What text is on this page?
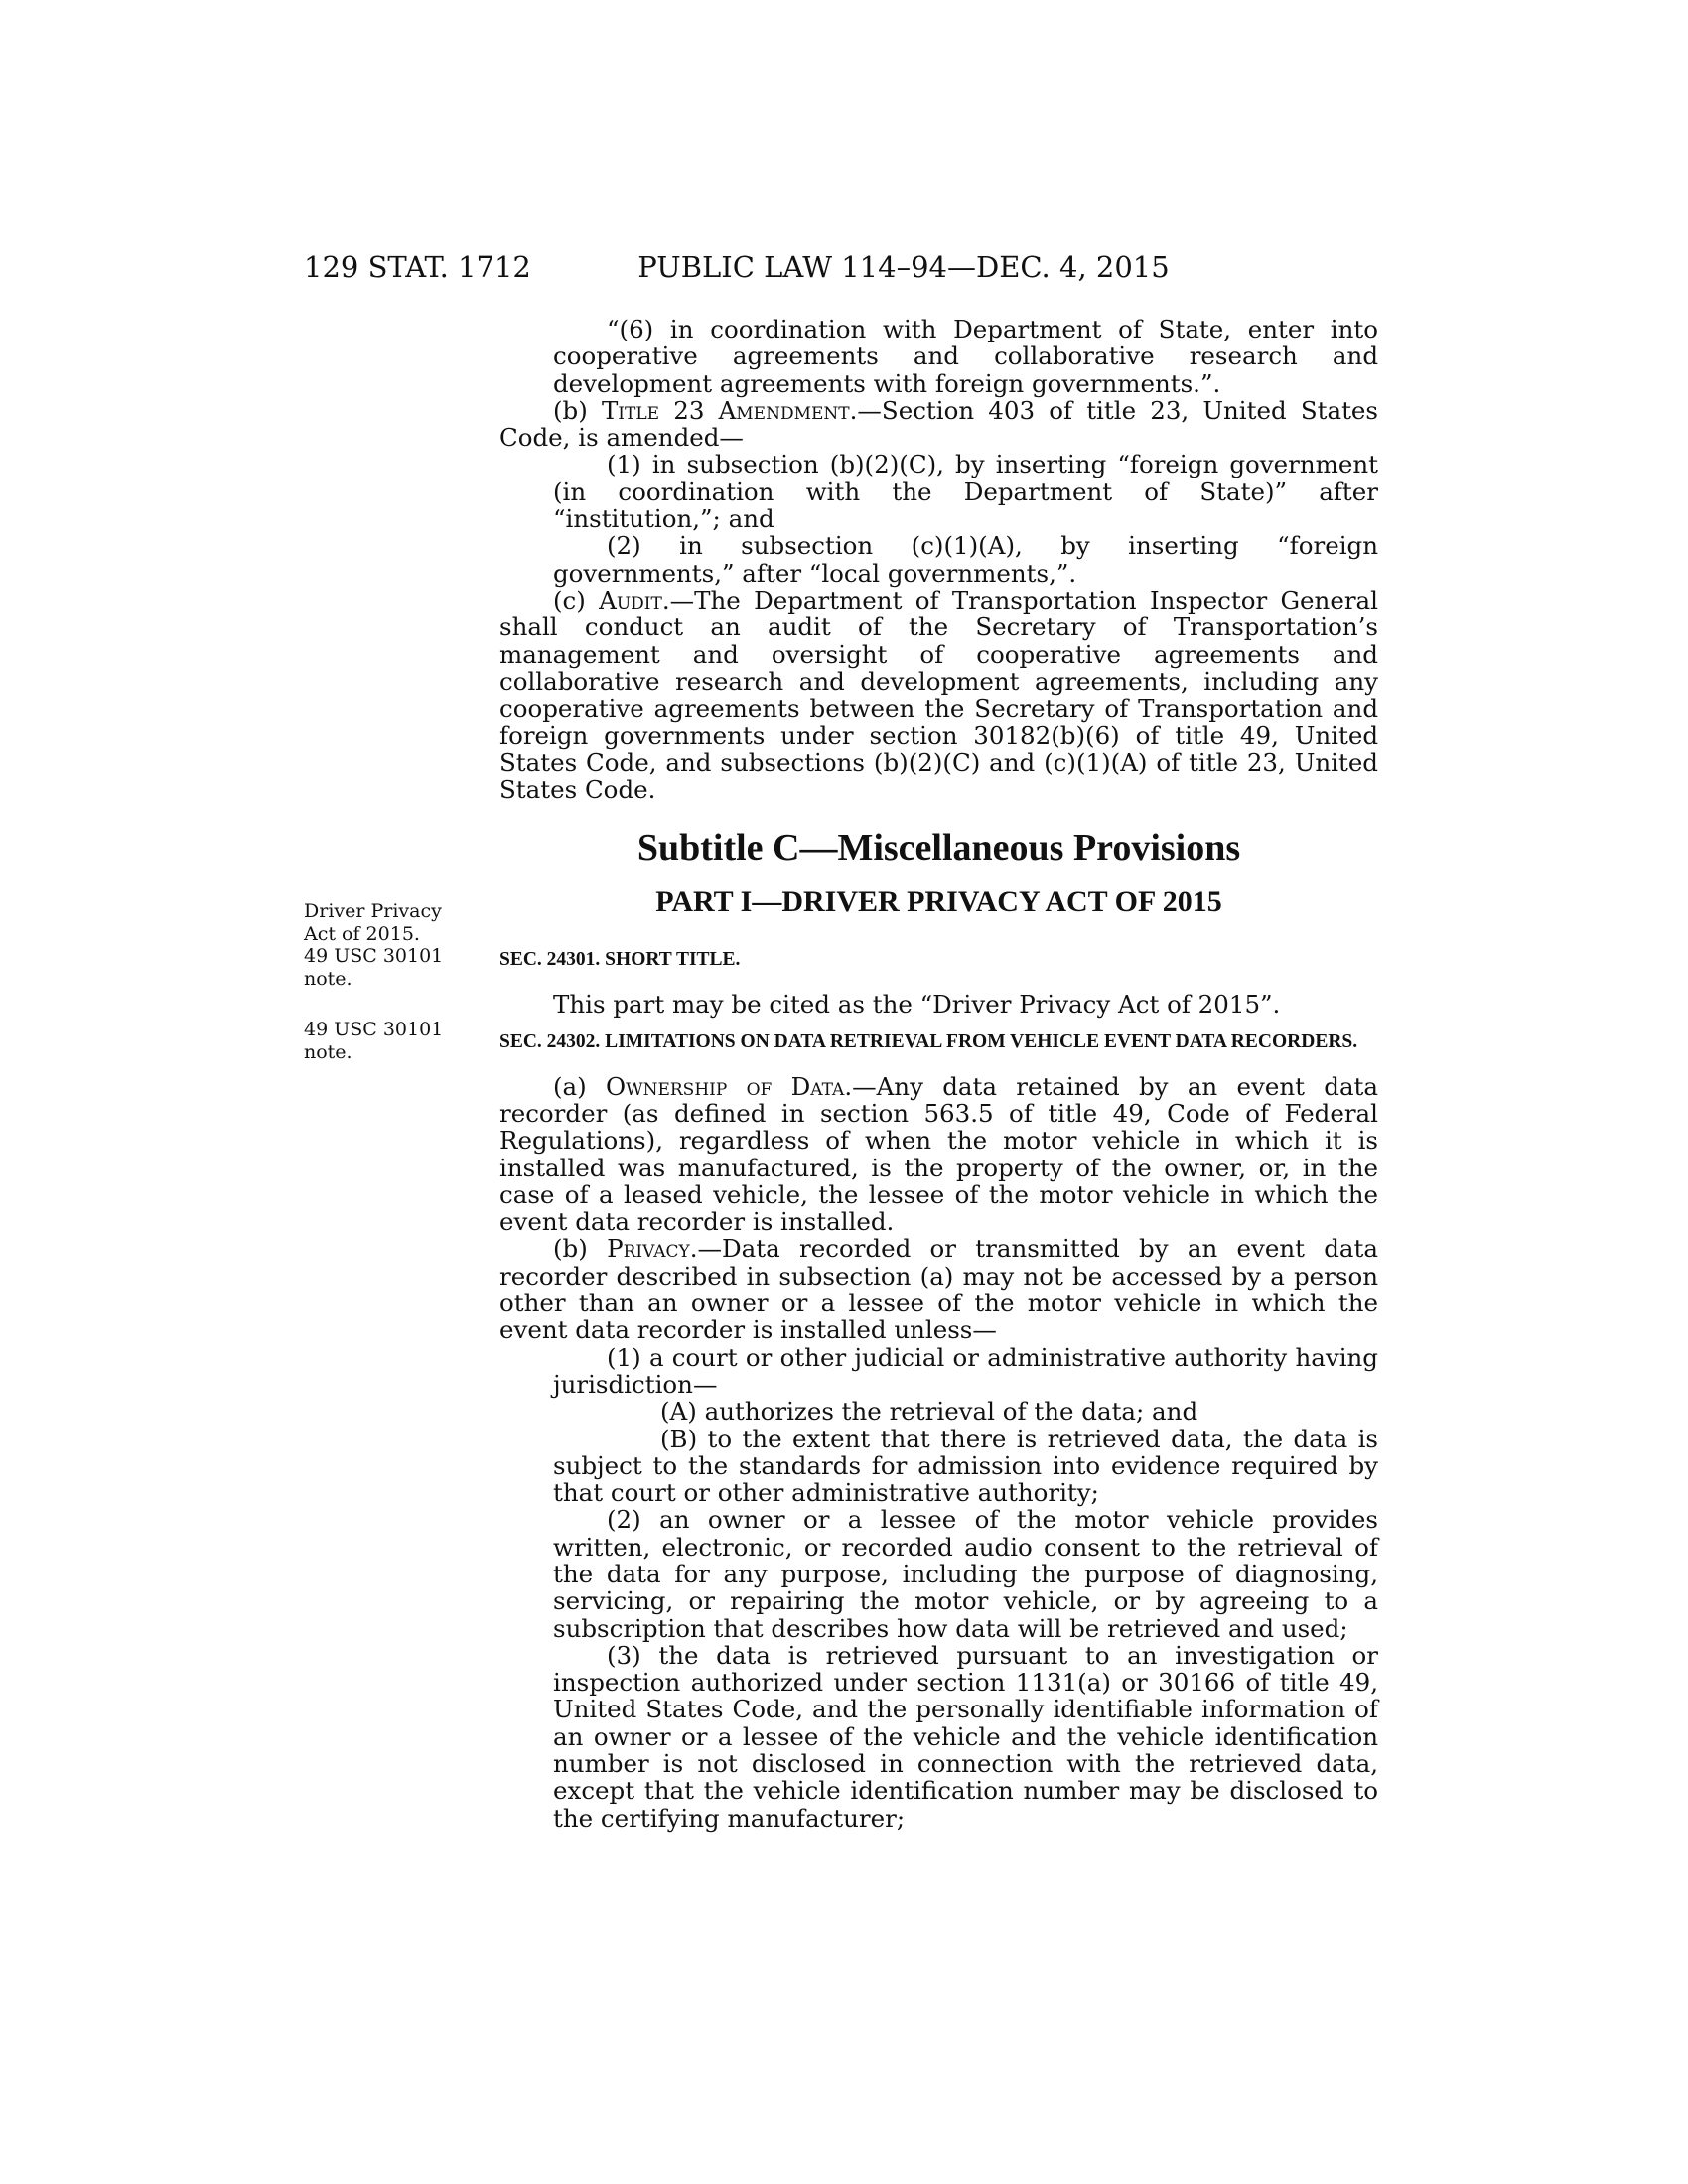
129 STAT. 1712	PUBLIC LAW 114–94—DEC. 4, 2015
Driver Privacy
Act of 2015.
49 USC 30101
note.
49 USC 30101
note.

“(6) in coordination with Department of State, enter into cooperative agreements and collaborative research and development agreements with foreign governments.”.

(b) Title 23 Amendment.—Section 403 of title 23, United States Code, is amended—

(1) in subsection (b)(2)(C), by inserting “foreign government (in coordination with the Department of State)” after “institution,”; and

(2) in subsection (c)(1)(A), by inserting “foreign governments,” after “local governments,”.

(c) Audit.—The Department of Transportation Inspector General shall conduct an audit of the Secretary of Transportation’s management and oversight of cooperative agreements and collaborative research and development agreements, including any cooperative agreements between the Secretary of Transportation and foreign governments under section 30182(b)(6) of title 49, United States Code, and subsections (b)(2)(C) and (c)(1)(A) of title 23, United States Code.

Subtitle C—Miscellaneous Provisions
PART I—DRIVER PRIVACY ACT OF 2015
SEC. 24301. SHORT TITLE.

This part may be cited as the “Driver Privacy Act of 2015”.

SEC. 24302. LIMITATIONS ON DATA RETRIEVAL FROM VEHICLE EVENT DATA RECORDERS.

(a) Ownership of Data.—Any data retained by an event data recorder (as defined in section 563.5 of title 49, Code of Federal Regulations), regardless of when the motor vehicle in which it is installed was manufactured, is the property of the owner, or, in the case of a leased vehicle, the lessee of the motor vehicle in which the event data recorder is installed.

(b) Privacy.—Data recorded or transmitted by an event data recorder described in subsection (a) may not be accessed by a person other than an owner or a lessee of the motor vehicle in which the event data recorder is installed unless—

(1) a court or other judicial or administrative authority having jurisdiction—

(A) authorizes the retrieval of the data; and

(B) to the extent that there is retrieved data, the data is subject to the standards for admission into evidence required by that court or other administrative authority;

(2) an owner or a lessee of the motor vehicle provides written, electronic, or recorded audio consent to the retrieval of the data for any purpose, including the purpose of diagnosing, servicing, or repairing the motor vehicle, or by agreeing to a subscription that describes how data will be retrieved and used;

(3) the data is retrieved pursuant to an investigation or inspection authorized under section 1131(a) or 30166 of title 49, United States Code, and the personally identifiable information of an owner or a lessee of the vehicle and the vehicle identification number is not disclosed in connection with the retrieved data, except that the vehicle identification number may be disclosed to the certifying manufacturer;
